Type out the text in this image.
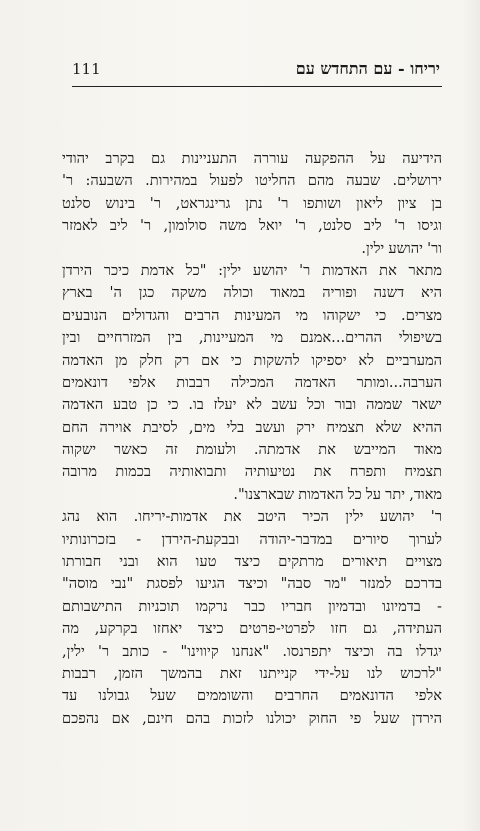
יריחו - עם התחדש עם
111
הידיעה על ההפקעה עוררה התעניינות גם בקרב יהודי
ירושלים. שבעה מהם החליטו לפעול במהירות. השבעה: ר'
בן ציון ליאון ושותפו ר' נתן גרינגראט, ר' בינוש סלנט
וגיסו ר' ליב סלנט, ר' יואל משה סולומון, ר' ליב לאמזר
ור' יהושע ילין.
מתאר את האדמות ר' יהושע ילין: "כל אדמת כיכר הירדן
היא דשנה ופוריה במאוד וכולה משקה כגן ה' בארץ
מצרים. כי ישקוהו מי המעינות הרבים והגדולים הנובעים
בשיפולי ההרים...אמנם מי המעיינות, בין המזרחיים ובין
המערביים לא יספיקו להשקות כי אם רק חלק מן האדמה
הערבה...ומותר האדמה המכילה רבבות אלפי דונאמים
ישאר שממה ובור וכל עשב לא יעלז בו. כי כן טבע האדמה
ההיא שלא תצמיח ירק ועשב בלי מים, לסיבת אוירה החם
מאוד המייבש את אדמתה. ולעומת זה כאשר ישקוה
תצמיח ותפרח את נטיעותיה ותבואותיה בכמות מרובה
מאוד, יתר על כל האדמות שבארצנו".
ר' יהושע ילין הכיר היטב את אדמות-יריחו. הוא נהג
לערוך סיורים במדבר-יהודה ובבקעת-הירדן - בזכרונותיו
מצויים תיאורים מרתקים כיצד טעו הוא ובני חבורתו
בדרכם למנזר "מר סבה" וכיצד הגיעו לפסגת "נבי מוסה"
- בדמיונו ובדמיון חבריו כבר נרקמו תוכניות התישבותם
העתידה, גם חזו לפרטי-פרטים כיצד יאחזו בקרקע, מה
יגדלו בה וכיצד יתפרנסו. "אנחנו קיווינו" - כותב ר' ילין,
"לרכוש לנו על-ידי קנייתנו זאת בהמשך הזמן, רבבות
אלפי הדונאמים החרבים והשוממים שעל גבולנו עד
הירדן שעל פי החוק יכולנו לזכות בהם חינם, אם נהפכם
